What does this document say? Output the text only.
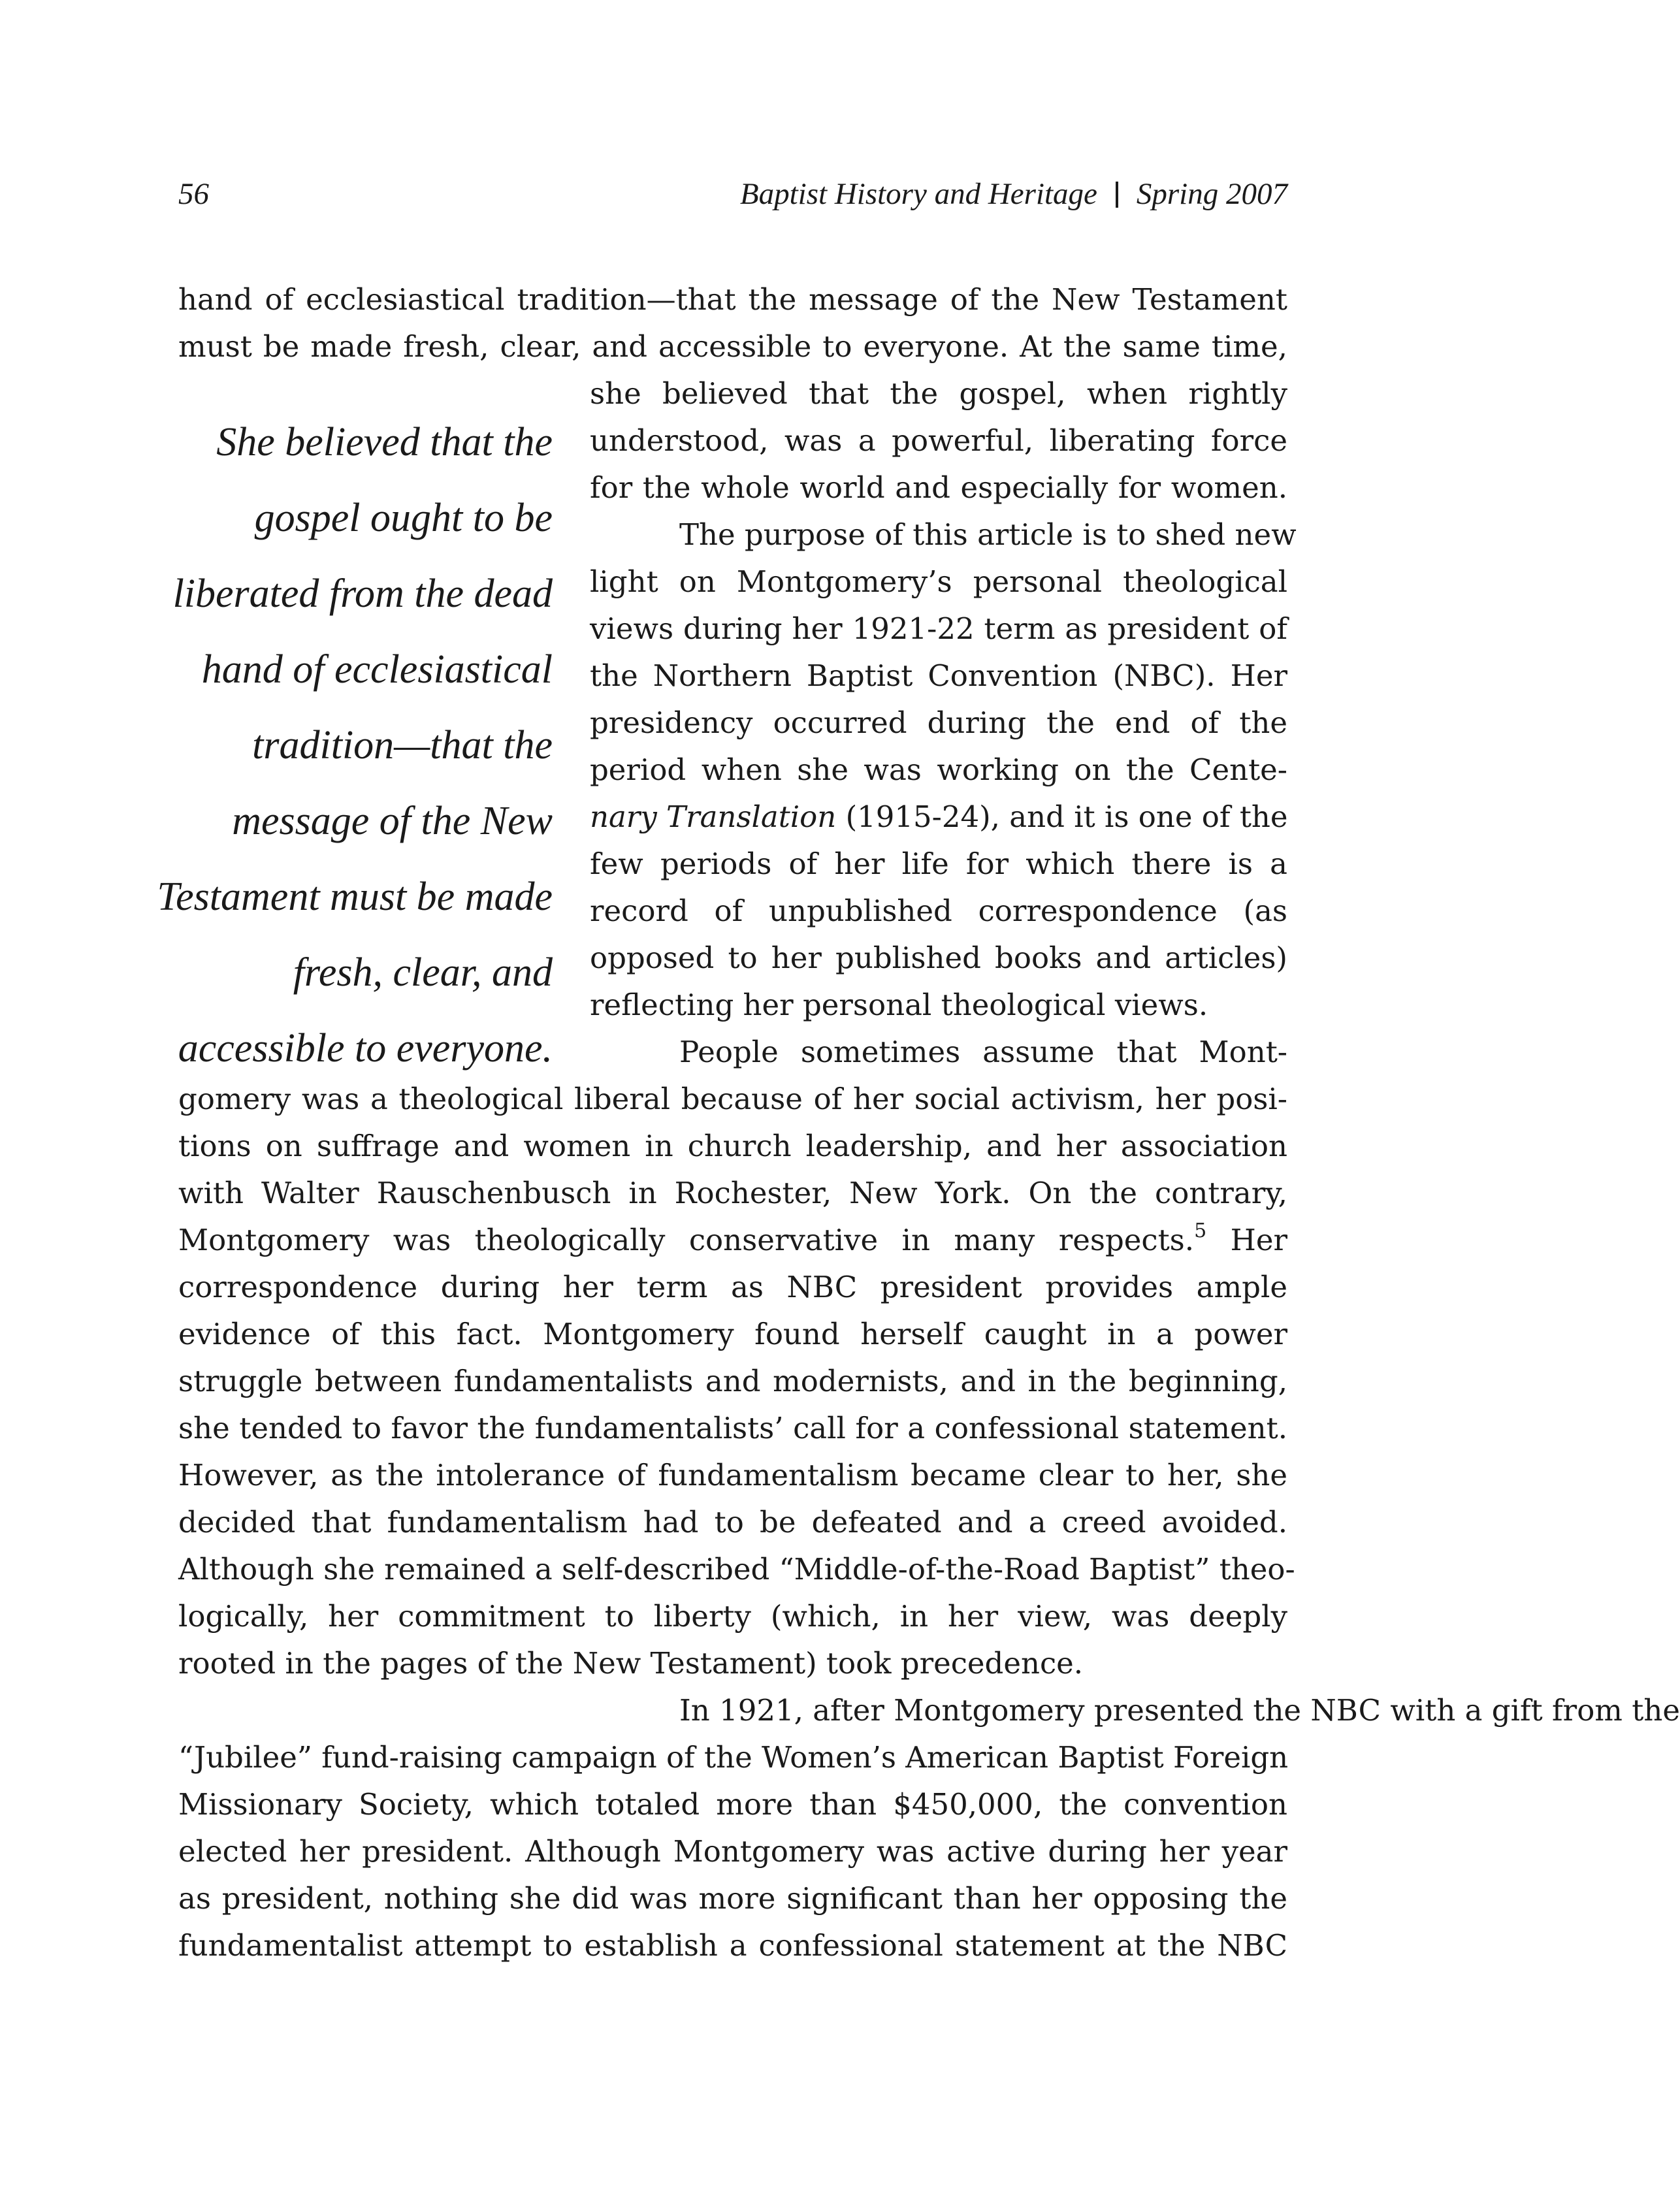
56	Baptist History and Heritage Spring 2007
hand of ecclesiastical tradition—that the message of the New Testament
must be made fresh, clear, and accessible to everyone. At the same time,
She believed that the
gospel ought to be
liberated from the dead
hand of ecclesiastical
tradition—that the
message of the New
Testament must be made
fresh, clear, and
accessible to everyone.
she believed that the gospel, when rightly
understood, was a powerful, liberating force
for the whole world and especially for women.
The purpose of this article is to shed new
light on Montgomery’s personal theological
views during her 1921-22 term as president of
the Northern Baptist Convention (NBC). Her
presidency occurred during the end of the
period when she was working on the Cente-
nary Translation (1915-24), and it is one of the
few periods of her life for which there is a
record of unpublished correspondence (as
opposed to her published books and articles)
reflecting her personal theological views.
People sometimes assume that Mont-
gomery was a theological liberal because of her social activism, her posi-
tions on suffrage and women in church leadership, and her association
with Walter Rauschenbusch in Rochester, New York. On the contrary,
Montgomery was theologically conservative in many respects.$^5$ Her
correspondence during her term as NBC president provides ample
evidence of this fact. Montgomery found herself caught in a power
struggle between fundamentalists and modernists, and in the beginning,
she tended to favor the fundamentalists’ call for a confessional statement.
However, as the intolerance of fundamentalism became clear to her, she
decided that fundamentalism had to be defeated and a creed avoided.
Although she remained a self-described “Middle-of-the-Road Baptist” theo-
logically, her commitment to liberty (which, in her view, was deeply
rooted in the pages of the New Testament) took precedence.
In 1921, after Montgomery presented the NBC with a gift from the
“Jubilee” fund-raising campaign of the Women’s American Baptist Foreign
Missionary Society, which totaled more than $450,000, the convention
elected her president. Although Montgomery was active during her year
as president, nothing she did was more significant than her opposing the
fundamentalist attempt to establish a confessional statement at the NBC
